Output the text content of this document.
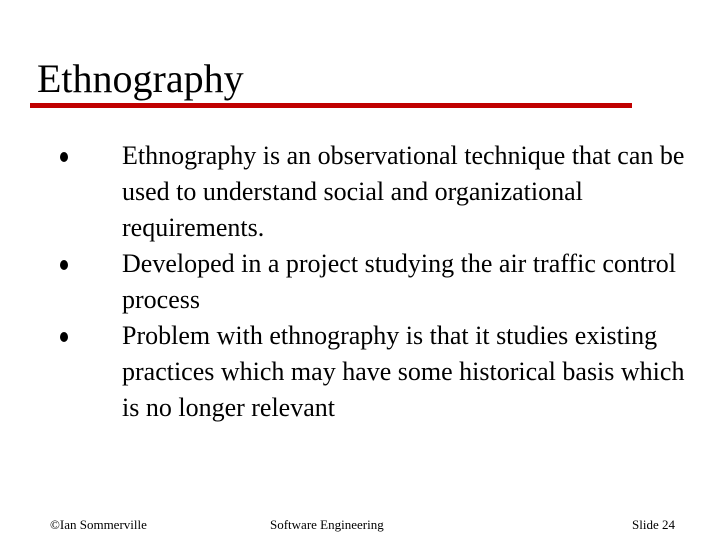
Ethnography
Ethnography is an observational technique that can be used to understand social and organizational requirements.
Developed in a project studying the air traffic control process
Problem with ethnography is that it studies existing practices which may have some historical basis which is no longer relevant
©Ian Sommerville	Software Engineering	Slide 24
